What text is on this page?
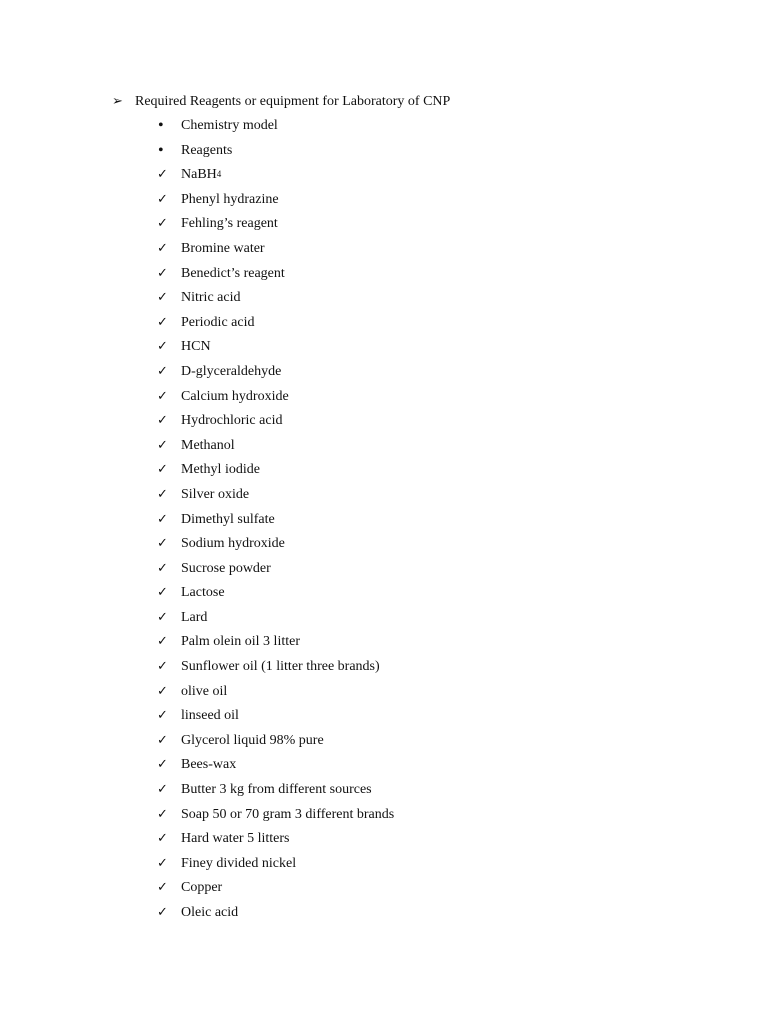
➢ Required Reagents or equipment for Laboratory of CNP
•	Chemistry model
•	Reagents
✓ NaBH 4
✓ Phenyl hydrazine
✓ Fehling’s reagent
✓ Bromine water
✓ Benedict’s reagent
✓ Nitric acid
✓ Periodic acid
✓ HCN
✓ D-glyceraldehyde
✓ Calcium hydroxide
✓ Hydrochloric acid
✓ Methanol
✓ Methyl iodide
✓ Silver oxide
✓ Dimethyl sulfate
✓ Sodium hydroxide
✓ Sucrose powder
✓ Lactose
✓ Lard
✓ Palm olein oil 3 litter
✓ Sunflower oil (1 litter three brands)
✓ olive oil
✓ linseed oil
✓ Glycerol liquid 98% pure
✓ Bees-wax
✓ Butter 3 kg from different sources
✓ Soap 50 or 70 gram 3 different brands
✓ Hard water 5 litters
✓ Finey divided nickel
✓ Copper
✓ Oleic acid
